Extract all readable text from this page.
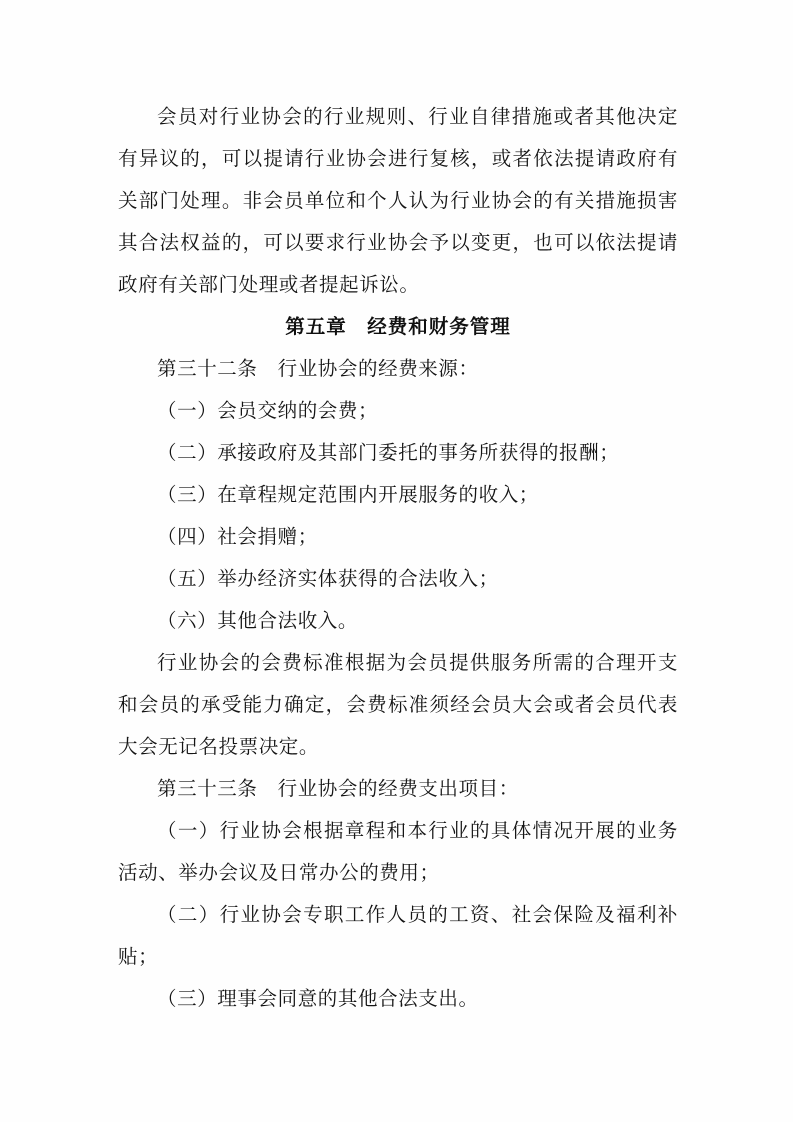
会员对行业协会的行业规则、行业自律措施或者其他决定有异议的，可以提请行业协会进行复核，或者依法提请政府有关部门处理。非会员单位和个人认为行业协会的有关措施损害其合法权益的，可以要求行业协会予以变更，也可以依法提请政府有关部门处理或者提起诉讼。

第五章　经费和财务管理

第三十二条　行业协会的经费来源：

（一）会员交纳的会费；

（二）承接政府及其部门委托的事务所获得的报酬；

（三）在章程规定范围内开展服务的收入；

（四）社会捐赠；

（五）举办经济实体获得的合法收入；

（六）其他合法收入。

行业协会的会费标准根据为会员提供服务所需的合理开支和会员的承受能力确定，会费标准须经会员大会或者会员代表大会无记名投票决定。

第三十三条　行业协会的经费支出项目：

（一）行业协会根据章程和本行业的具体情况开展的业务活动、举办会议及日常办公的费用；

（二）行业协会专职工作人员的工资、社会保险及福利补贴；

（三）理事会同意的其他合法支出。
